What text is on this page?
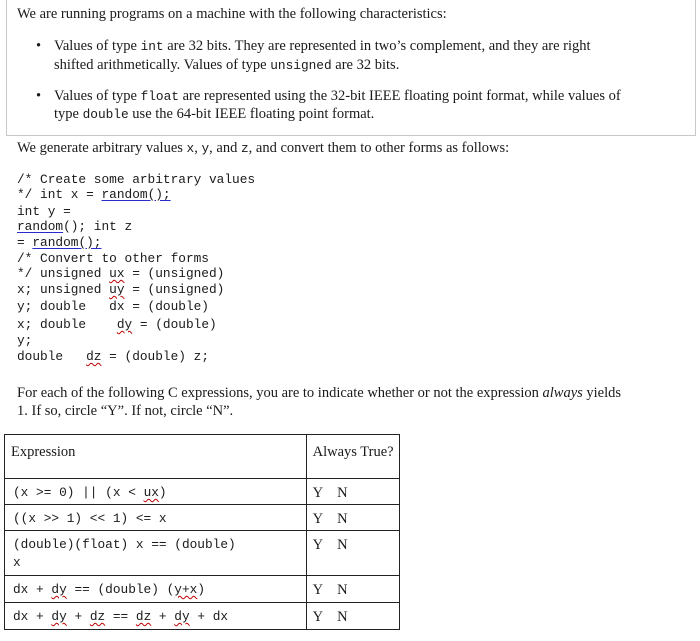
We are running programs on a machine with the following characteristics:
• Values of type int are 32 bits. They are represented in two’s complement, and they are right
shifted arithmetically. Values of type unsigned are 32 bits.
• Values of type float are represented using the 32-bit IEEE floating point format, while values of
type double use the 64-bit IEEE floating point format.
We generate arbitrary values x, y, and z, and convert them to other forms as follows:
/* Create some arbitrary values
*/ int x = random();
int y =
random(); int z
= random();
/* Convert to other forms
*/ unsigned ux = (unsigned)
x; unsigned uy = (unsigned)
y; double   dx = (double)
x; double    dy = (double)
y;
double   dz = (double) z;
For each of the following C expressions, you are to indicate whether or not the expression always yields
1. If so, circle “Y”. If not, circle “N”.
Expression	Always True?
(x >= 0) || (x < ux)	Y N
((x >> 1) << 1) <= x	Y N
(double)(float) x == (double)
x	Y N
dx + dy == (double) (y+x)	Y N
dx + dy + dz == dz + dy + dx	Y N
